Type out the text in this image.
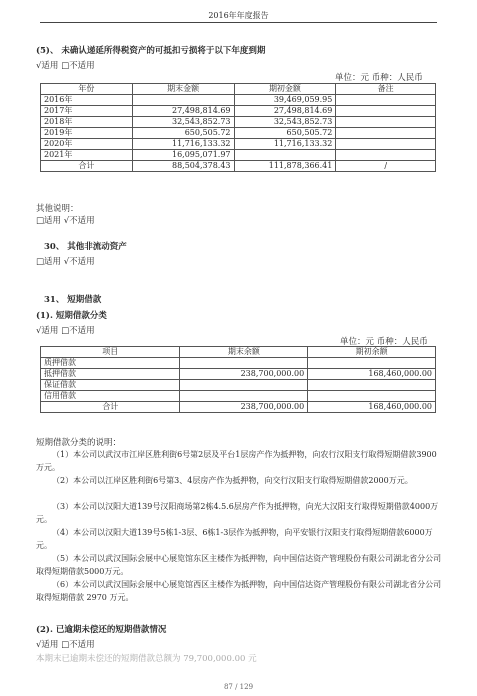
2016年年度报告
(5)、 未确认递延所得税资产的可抵扣亏损将于以下年度到期
√适用 □不适用
单位：元 币种：人民币
年份	期末金额	期初金额	备注
2016年		39,469,059.95	
2017年	27,498,814.69	27,498,814.69	
2018年	32,543,852.73	32,543,852.73	
2019年	650,505.72	650,505.72	
2020年	11,716,133.32	11,716,133.32	
2021年	16,095,071.97		
合计	88,504,378.43	111,878,366.41	/
其他说明：
□适用 √不适用
30、 其他非流动资产
□适用 √不适用
31、 短期借款
(1). 短期借款分类
√适用 □不适用
单位：元 币种：人民币
项目	期末余额	期初余额
质押借款		
抵押借款	238,700,000.00	168,460,000.00
保证借款		
信用借款		
合计	238,700,000.00	168,460,000.00
短期借款分类的说明：
（1）本公司以武汉市江岸区胜利街6号第2层及平台1层房产作为抵押物，向农行汉阳支行取得短期借款3900万元。
（2）本公司以江岸区胜利街6号第3、4层房产作为抵押物，向交行汉阳支行取得短期借款2000万元。
（3）本公司以汉阳大道139号汉阳商场第2栋4.5.6层房产作为抵押物，向光大汉阳支行取得短期借款4000万元。
（4）本公司以汉阳大道139号5栋1-3层、6栋1-3层作为抵押物，向平安银行汉阳支行取得短期借款6000万元。
（5）本公司以武汉国际会展中心展览馆东区主楼作为抵押物，向中国信达资产管理股份有限公司湖北省分公司取得短期借款5000万元。
（6）本公司以武汉国际会展中心展览馆西区主楼作为抵押物，向中国信达资产管理股份有限公司湖北省分公司取得短期借款 2970 万元。
(2). 已逾期未偿还的短期借款情况
√适用 □不适用
本期末已逾期未偿还的短期借款总额为 79,700,000.00 元
87 / 129
